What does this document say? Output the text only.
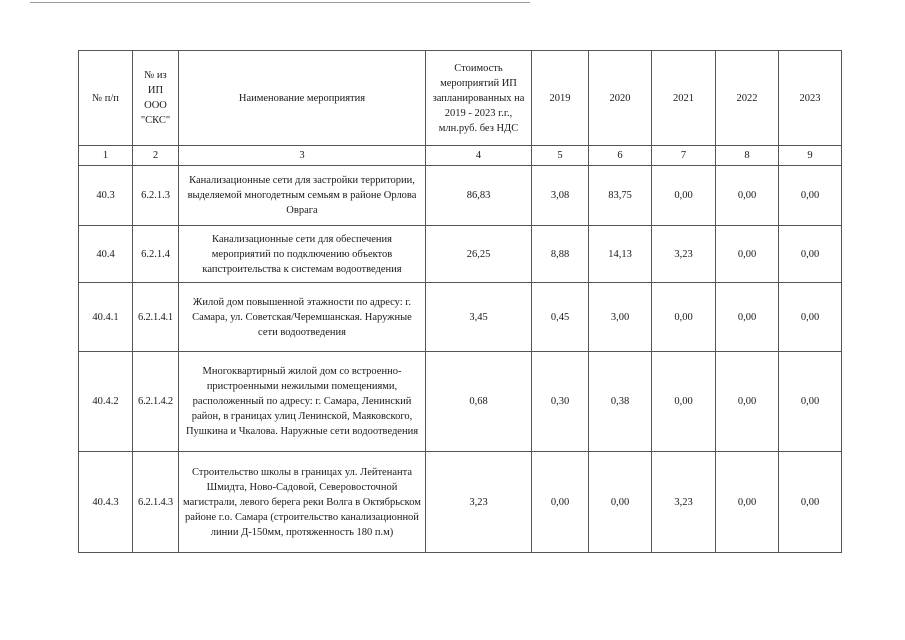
№ п/п	№ из ИП ООО "СКС"	Наименование мероприятия	Стоимость мероприятий ИП запланированных на 2019 - 2023 г.г., млн.руб. без НДС	2019	2020	2021	2022	2023
1	2	3	4	5	6	7	8	9
40.3	6.2.1.3	Канализационные сети для застройки территории, выделяемой многодетным семьям в районе Орлова Оврага	86,83	3,08	83,75	0,00	0,00	0,00
40.4	6.2.1.4	Канализационные сети для обеспечения мероприятий по подключению объектов капстроительства к системам водоотведения	26,25	8,88	14,13	3,23	0,00	0,00
40.4.1	6.2.1.4.1	Жилой дом повышенной этажности по адресу: г. Самара, ул. Советская/Черемшанская. Наружные сети водоотведения	3,45	0,45	3,00	0,00	0,00	0,00
40.4.2	6.2.1.4.2	Многоквартирный жилой дом со встроенно-пристроенными нежилыми помещениями, расположенный по адресу: г. Самара, Ленинский район, в границах улиц Ленинской, Маяковского, Пушкина и Чкалова. Наружные сети водоотведения	0,68	0,30	0,38	0,00	0,00	0,00
40.4.3	6.2.1.4.3	Строительство школы в границах ул. Лейтенанта Шмидта, Ново-Садовой, Северовосточной магистрали, левого берега реки Волга в Октябрьском районе г.о. Самара (строительство канализационной линии Д-150мм, протяженность 180 п.м)	3,23	0,00	0,00	3,23	0,00	0,00
